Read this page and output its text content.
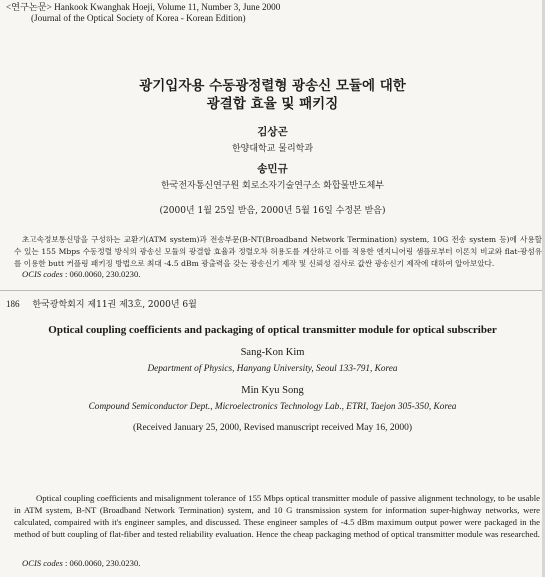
<연구논문> Hankook Kwanghak Hoeji, Volume 11, Number 3, June 2000
(Journal of the Optical Society of Korea - Korean Edition)
광기입자용 수동광정렬형 광송신 모듈에 대한
광결합 효율 및 패키징
김상곤
한양대학교 물리학과
송민규
한국전자통신연구원 회로소자기술연구소 화합물반도체부
(2000년 1월 25일 받음, 2000년 5월 16일 수정본 받음)
초고속정보통신망을 구성하는 교환기(ATM system)과 전송부문(B-NT(Broadband Network Termination) system, 10G 전송 system 등)에 사용할 수 있는 155 Mbps 수동정렬 방식의 광송신 모듈의 광결합 효율과 정렬오차 허용도를 계산하고 이를 적용한 엔지니어링 샘플로부터 이론치 비교와 flat-광섬유를 이용한 butt 커플링 패키징 방법으로 최대 -4.5 dBm 광출력을 갖는 광송신기 제작 및 신뢰성 검사로 값싼 광송신기 제작에 대하여 알아보았다.
OCIS codes : 060.0060, 230.0230.
186 한국광학회지 제11권 제3호, 2000년 6월
Optical coupling coefficients and packaging of optical transmitter module for optical subscriber
Sang-Kon Kim
Department of Physics, Hanyang University, Seoul 133-791, Korea
Min Kyu Song
Compound Semiconductor Dept., Microelectronics Technology Lab., ETRI, Taejon 305-350, Korea
(Received January 25, 2000, Revised manuscript received May 16, 2000)
Optical coupling coefficients and misalignment tolerance of 155 Mbps optical transmitter module of passive alignment technology, to be usable in ATM system, B-NT (Broadband Network Termination) system, and 10 G transmission system for information super-highway networks, were calculated, compaired with it's engineer samples, and discussed. These engineer samples of -4.5 dBm maximum output power were packaged in the method of butt coupling of flat-fiber and tested reliability evaluation. Hence the cheap packaging method of optical transmitter module was researched.
OCIS codes : 060.0060, 230.0230.
